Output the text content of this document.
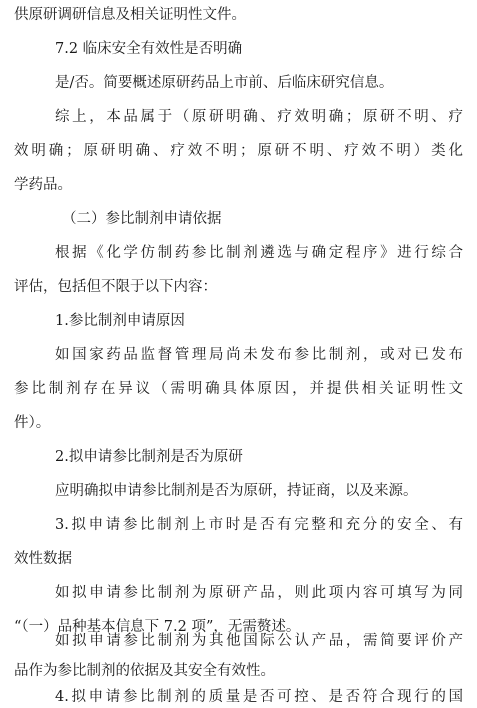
供原研调研信息及相关证明性文件。
7.2 临床安全有效性是否明确
是/否。简要概述原研药品上市前、后临床研究信息。
综上，本品属于（原研明确、疗效明确；原研不明、疗
效明确；原研明确、疗效不明；原研不明、疗效不明）类化
学药品。
（二）参比制剂申请依据
根据《化学仿制药参比制剂遴选与确定程序》进行综合
评估，包括但不限于以下内容：
1.参比制剂申请原因
如国家药品监督管理局尚未发布参比制剂，或对已发布
参比制剂存在异议（需明确具体原因，并提供相关证明性文
件）。
2.拟申请参比制剂是否为原研
应明确拟申请参比制剂是否为原研，持证商，以及来源。
3.拟申请参比制剂上市时是否有完整和充分的安全、有
效性数据
如拟申请参比制剂为原研产品，则此项内容可填写为同
“（一）品种基本信息下 7.2 项”，无需赘述。
如拟申请参比制剂为其他国际公认产品，需简要评价产
品作为参比制剂的依据及其安全有效性。
4.拟申请参比制剂的质量是否可控、是否符合现行的国
